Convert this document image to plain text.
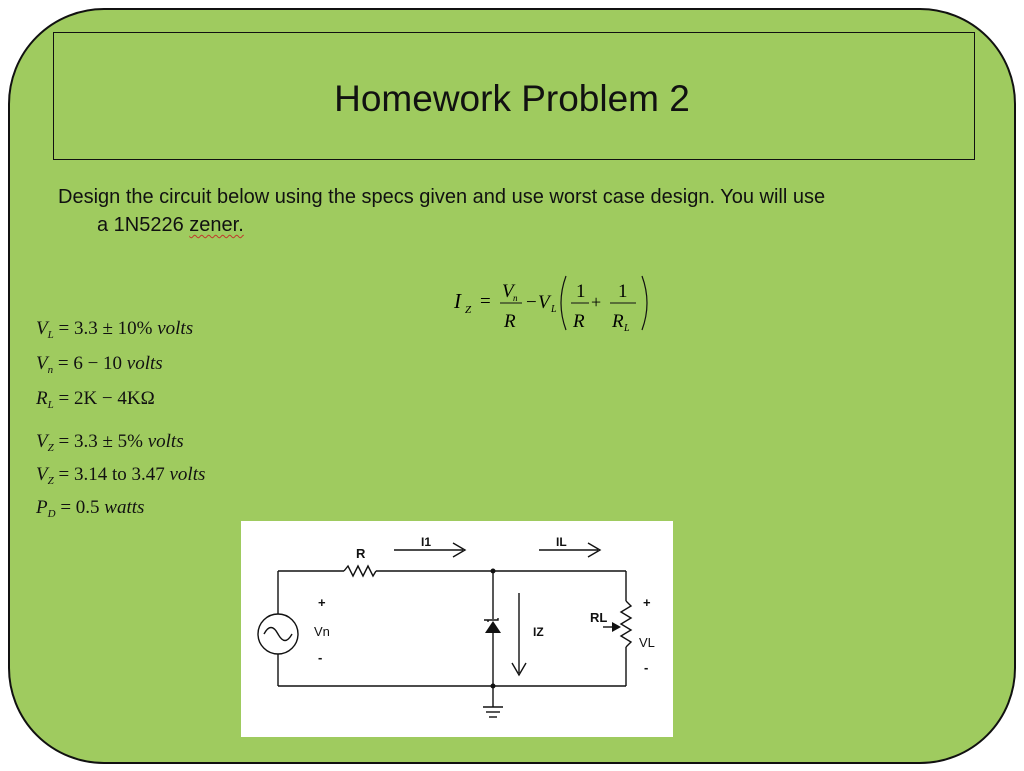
Homework Problem 2
Design the circuit below using the specs given and use worst case design. You will use
a 1N5226 zener.
I Z = V n
R
− V L
1
R
+ 1
R L
$V_L = 3.3 \pm 10\%$ volts
$V_n = 6 - 10$ volts
$R_L = 2K - 4K\Omega$
$V_Z = 3.3 \pm 5\%$ volts
$V_Z = 3.14$ to 3.47 volts
$P_D = 0.5$ watts
R
I1	IL
+
Vn
-
IZ
RL
+
VL
-
